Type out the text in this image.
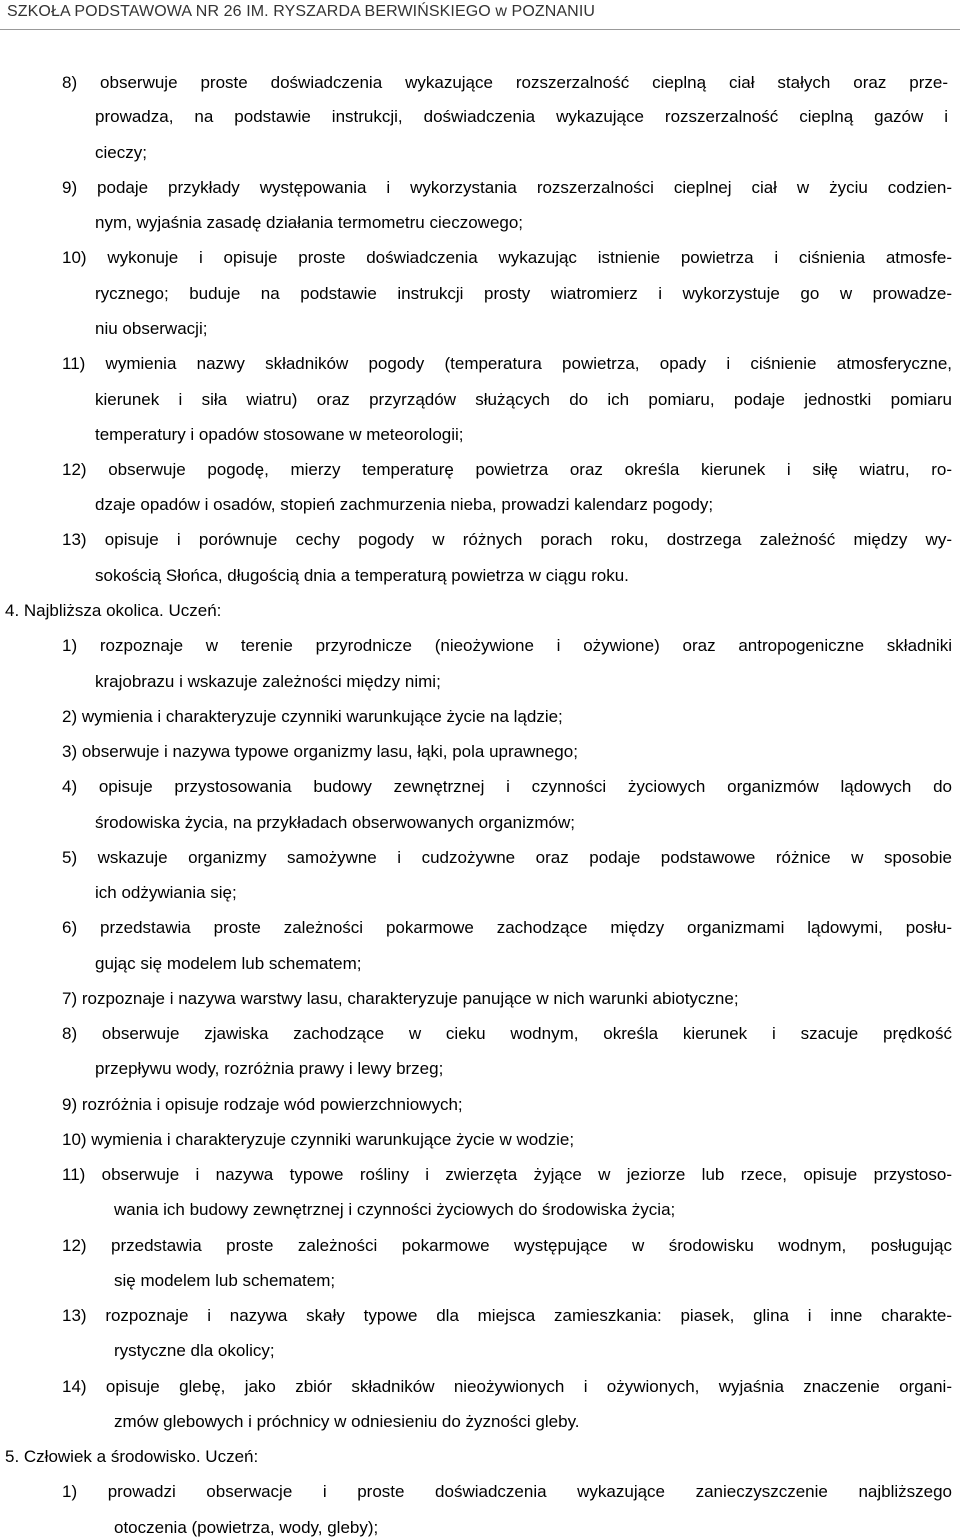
SZKOŁA PODSTAWOWA NR 26 IM. RYSZARDA BERWIŃSKIEGO w POZNANIU
8) obserwuje proste doświadczenia wykazujące rozszerzalność cieplną ciał stałych oraz prze-
prowadza, na podstawie instrukcji, doświadczenia wykazujące rozszerzalność cieplną gazów i
cieczy;
9) podaje przykłady występowania i wykorzystania rozszerzalności cieplnej ciał w życiu codzien-
nym, wyjaśnia zasadę działania termometru cieczowego;
10) wykonuje i opisuje proste doświadczenia wykazując istnienie powietrza i ciśnienia atmosfe-
rycznego; buduje na podstawie instrukcji prosty wiatromierz i wykorzystuje go w prowadze-
niu obserwacji;
11) wymienia nazwy składników pogody (temperatura powietrza, opady i ciśnienie atmosferyczne,
kierunek i siła wiatru) oraz przyrządów służących do ich pomiaru, podaje jednostki pomiaru
temperatury i opadów stosowane w meteorologii;
12) obserwuje pogodę, mierzy temperaturę powietrza oraz określa kierunek i siłę wiatru, ro-
dzaje opadów i osadów, stopień zachmurzenia nieba, prowadzi kalendarz pogody;
13) opisuje i porównuje cechy pogody w różnych porach roku, dostrzega zależność między wy-
sokością Słońca, długością dnia a temperaturą powietrza w ciągu roku.
4. Najbliższa okolica. Uczeń:
1) rozpoznaje w terenie przyrodnicze (nieożywione i ożywione) oraz antropogeniczne składniki
krajobrazu i wskazuje zależności między nimi;
2) wymienia i charakteryzuje czynniki warunkujące życie na lądzie;
3) obserwuje i nazywa typowe organizmy lasu, łąki, pola uprawnego;
4) opisuje przystosowania budowy zewnętrznej i czynności życiowych organizmów lądowych do
środowiska życia, na przykładach obserwowanych organizmów;
5) wskazuje organizmy samożywne i cudzożywne oraz podaje podstawowe różnice w sposobie
ich odżywiania się;
6) przedstawia proste zależności pokarmowe zachodzące między organizmami lądowymi, posłu-
gując się modelem lub schematem;
7) rozpoznaje i nazywa warstwy lasu, charakteryzuje panujące w nich warunki abiotyczne;
8) obserwuje zjawiska zachodzące w cieku wodnym, określa kierunek i szacuje prędkość
przepływu wody, rozróżnia prawy i lewy brzeg;
9) rozróżnia i opisuje rodzaje wód powierzchniowych;
10) wymienia i charakteryzuje czynniki warunkujące życie w wodzie;
11) obserwuje i nazywa typowe rośliny i zwierzęta żyjące w jeziorze lub rzece, opisuje przystoso-
wania ich budowy zewnętrznej i czynności życiowych do środowiska życia;
12) przedstawia proste zależności pokarmowe występujące w środowisku wodnym, posługując
się modelem lub schematem;
13) rozpoznaje i nazywa skały typowe dla miejsca zamieszkania: piasek, glina i inne charakte-
rystyczne dla okolicy;
14) opisuje glebę, jako zbiór składników nieożywionych i ożywionych, wyjaśnia znaczenie organi-
zmów glebowych i próchnicy w odniesieniu do żyzności gleby.
5. Człowiek a środowisko. Uczeń:
1) prowadzi obserwacje i proste doświadczenia wykazujące zanieczyszczenie najbliższego
otoczenia (powietrza, wody, gleby);
